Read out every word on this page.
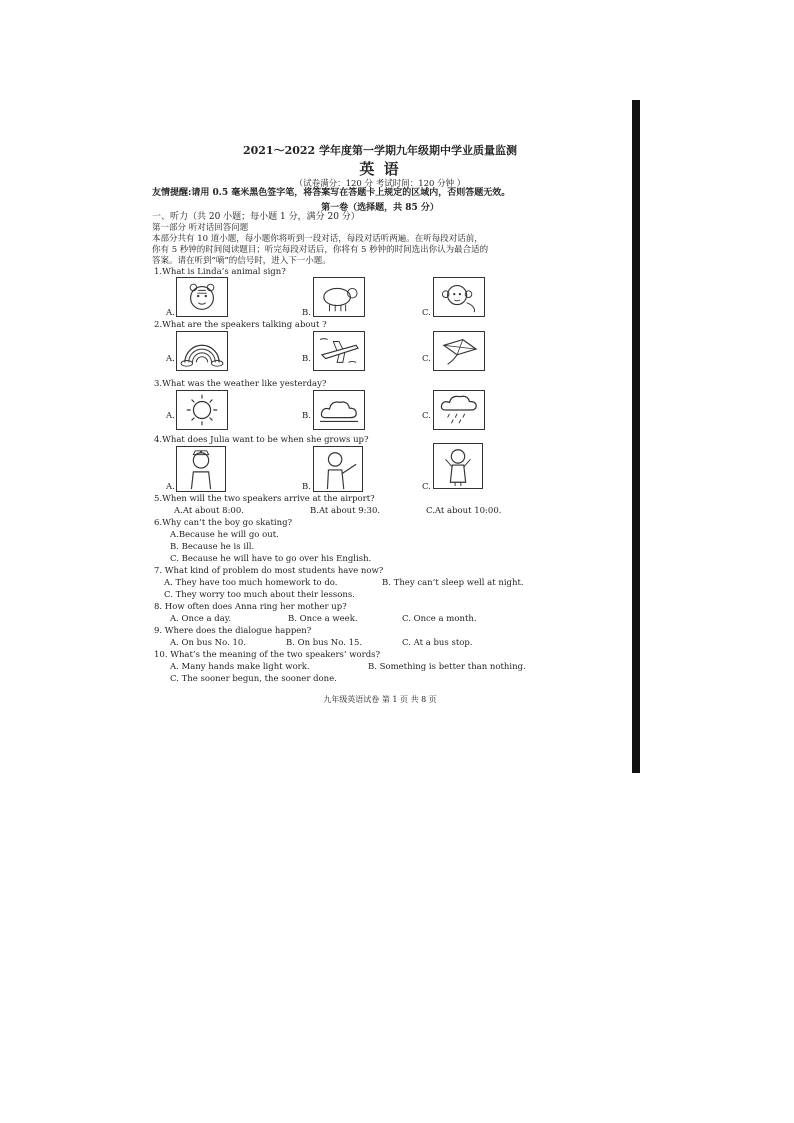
2021～2022 学年度第一学期九年级期中学业质量监测
英 语
（试卷满分：120 分 考试时间：120 分钟 ）
友情提醒:请用 0.5 毫米黑色签字笔，将答案写在答题卡上规定的区域内，否则答题无效。
第一卷（选择题，共 85 分）
一、听力（共 20 小题；每小题 1 分，满分 20 分）
第一部分 听对话回答问题
本部分共有 10 道小题，每小题你将听到一段对话，每段对话听两遍。在听每段对话前，
你有 5 秒钟的时间阅读题目；听完每段对话后，你将有 5 秒钟的时间选出你认为最合适的
答案。请在听到“嘀”的信号时，进入下一小题。
1.What is Linda’s animal sign?
A.	B.	C.
2.What are the speakers talking about ?
A.	B.	C.
3.What was the weather like yesterday?
A.	B.	C.
4.What does Julia want to be when she grows up?
A.	B.	C.
5.When will the two speakers arrive at the airport?
A.At about 8:00.	B.At about 9:30.	C.At about 10:00.
6.Why can’t the boy go skating?
A.Because he will go out.
B. Because he is ill.
C. Because he will have to go over his English.
7. What kind of problem do most students have now?
A. They have too much homework to do.	B. They can’t sleep well at night.
C. They worry too much about their lessons.
8. How often does Anna ring her mother up?
A. Once a day.	B. Once a week.	C. Once a month.
9. Where does the dialogue happen?
A. On bus No. 10.	B. On bus No. 15.	C. At a bus stop.
10. What’s the meaning of the two speakers’ words?
A. Many hands make light work.	B. Something is better than nothing.
C. The sooner begun, the sooner done.
九年级英语试卷 第 1 页 共 8 页
